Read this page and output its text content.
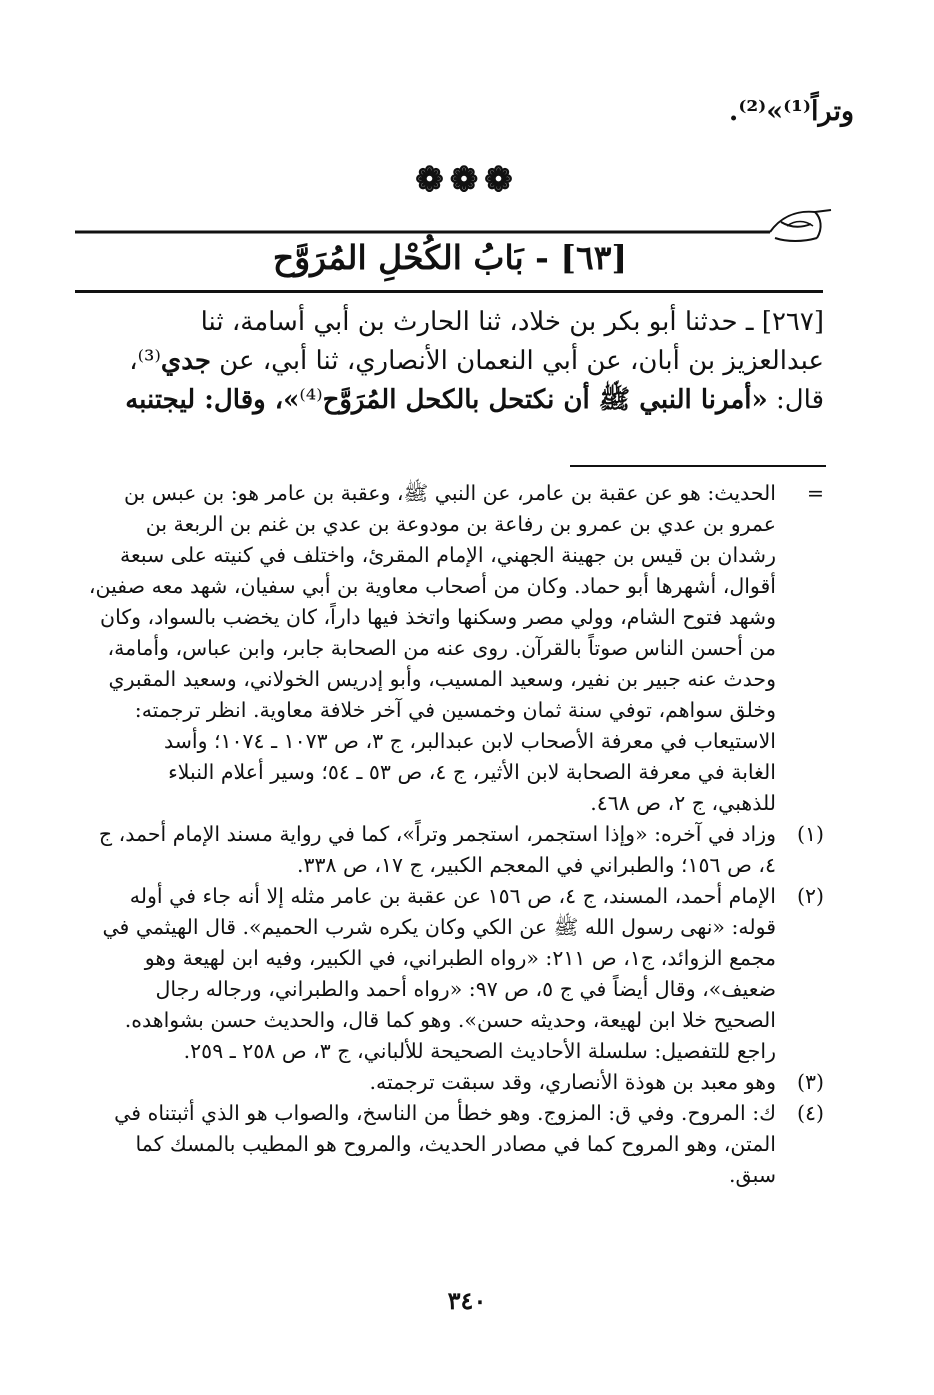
وتراً⁽¹⁾»⁽²⁾.
❁❁❁
[٦٣] - بَابُ الكُحْلِ المُرَوَّح

[٢٦٧] ـ حدثنا أبو بكر بن خلاد، ثنا الحارث بن أبي أسامة، ثنا

عبدالعزيز بن أبان، عن أبي النعمان الأنصاري، ثنا أبي، عن جدي⁽³⁾،

قال: «أمرنا النبي ﷺ أن نكتحل بالكحل المُرَوَّح⁽⁴⁾»، وقال: ليجتنبه

=
الحديث: هو عن عقبة بن عامر، عن النبي ﷺ، وعقبة بن عامر هو: بن عبس بن
عمرو بن عدي بن عمرو بن رفاعة بن مودوعة بن عدي بن غنم بن الربعة بن
رشدان بن قيس بن جهينة الجهني، الإمام المقرئ، واختلف في كنيته على سبعة
أقوال، أشهرها أبو حماد. وكان من أصحاب معاوية بن أبي سفيان، شهد معه صفين،
وشهد فتوح الشام، وولي مصر وسكنها واتخذ فيها داراً، كان يخضب بالسواد، وكان
من أحسن الناس صوتاً بالقرآن. روى عنه من الصحابة جابر، وابن عباس، وأمامة،
وحدث عنه جبير بن نفير، وسعيد المسيب، وأبو إدريس الخولاني، وسعيد المقبري
وخلق سواهم، توفي سنة ثمان وخمسين في آخر خلافة معاوية. انظر ترجمته:
الاستيعاب في معرفة الأصحاب لابن عبدالبر، ج ٣، ص ١٠٧٣ ـ ١٠٧٤؛ وأسد
الغابة في معرفة الصحابة لابن الأثير، ج ٤، ص ٥٣ ـ ٥٤؛ وسير أعلام النبلاء
للذهبي، ج ٢، ص ٤٦٨.

(١)
وزاد في آخره: «وإذا استجمر، استجمر وتراً»، كما في رواية مسند الإمام أحمد، ج
٤، ص ١٥٦؛ والطبراني في المعجم الكبير، ج ١٧، ص ٣٣٨.

(٢)
الإمام أحمد، المسند، ج ٤، ص ١٥٦ عن عقبة بن عامر مثله إلا أنه جاء في أوله
قوله: «نهى رسول الله ﷺ عن الكي وكان يكره شرب الحميم». قال الهيثمي في
مجمع الزوائد، ج١، ص ٢١١: «رواه الطبراني، في الكبير، وفيه ابن لهيعة وهو
ضعيف»، وقال أيضاً في ج ٥، ص ٩٧: «رواه أحمد والطبراني، ورجاله رجال
الصحيح خلا ابن لهيعة، وحديثه حسن». وهو كما قال، والحديث حسن بشواهده.
راجع للتفصيل: سلسلة الأحاديث الصحيحة للألباني، ج ٣، ص ٢٥٨ ـ ٢٥٩.

(٣)
وهو معبد بن هوذة الأنصاري، وقد سبقت ترجمته.

(٤)
ك: المروح. وفي ق: المزوج. وهو خطأ من الناسخ، والصواب هو الذي أثبتناه في
المتن، وهو المروح كما في مصادر الحديث، والمروح هو المطيب بالمسك كما
سبق.

٣٤٠
